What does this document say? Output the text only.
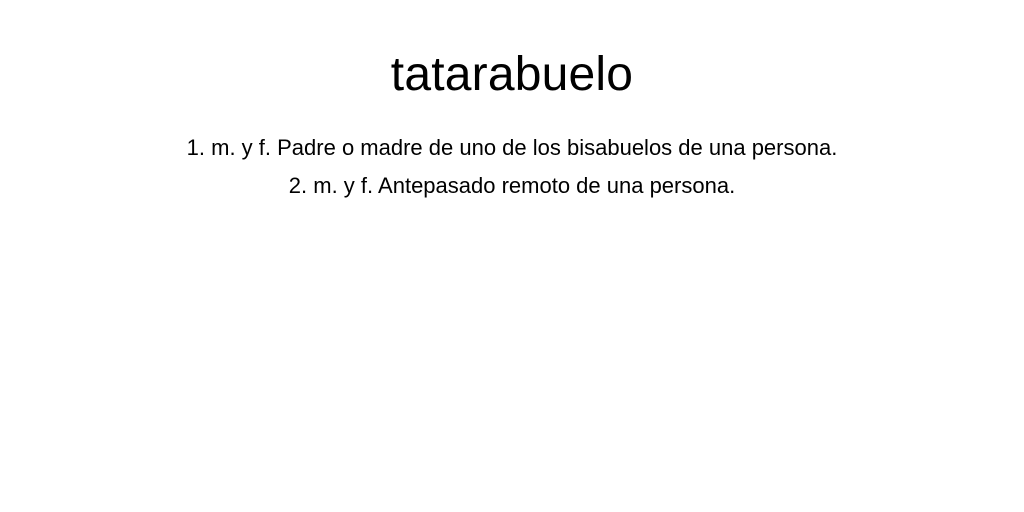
tatarabuelo
1. m. y f. Padre o madre de uno de los bisabuelos de una persona.
2. m. y f. Antepasado remoto de una persona.
